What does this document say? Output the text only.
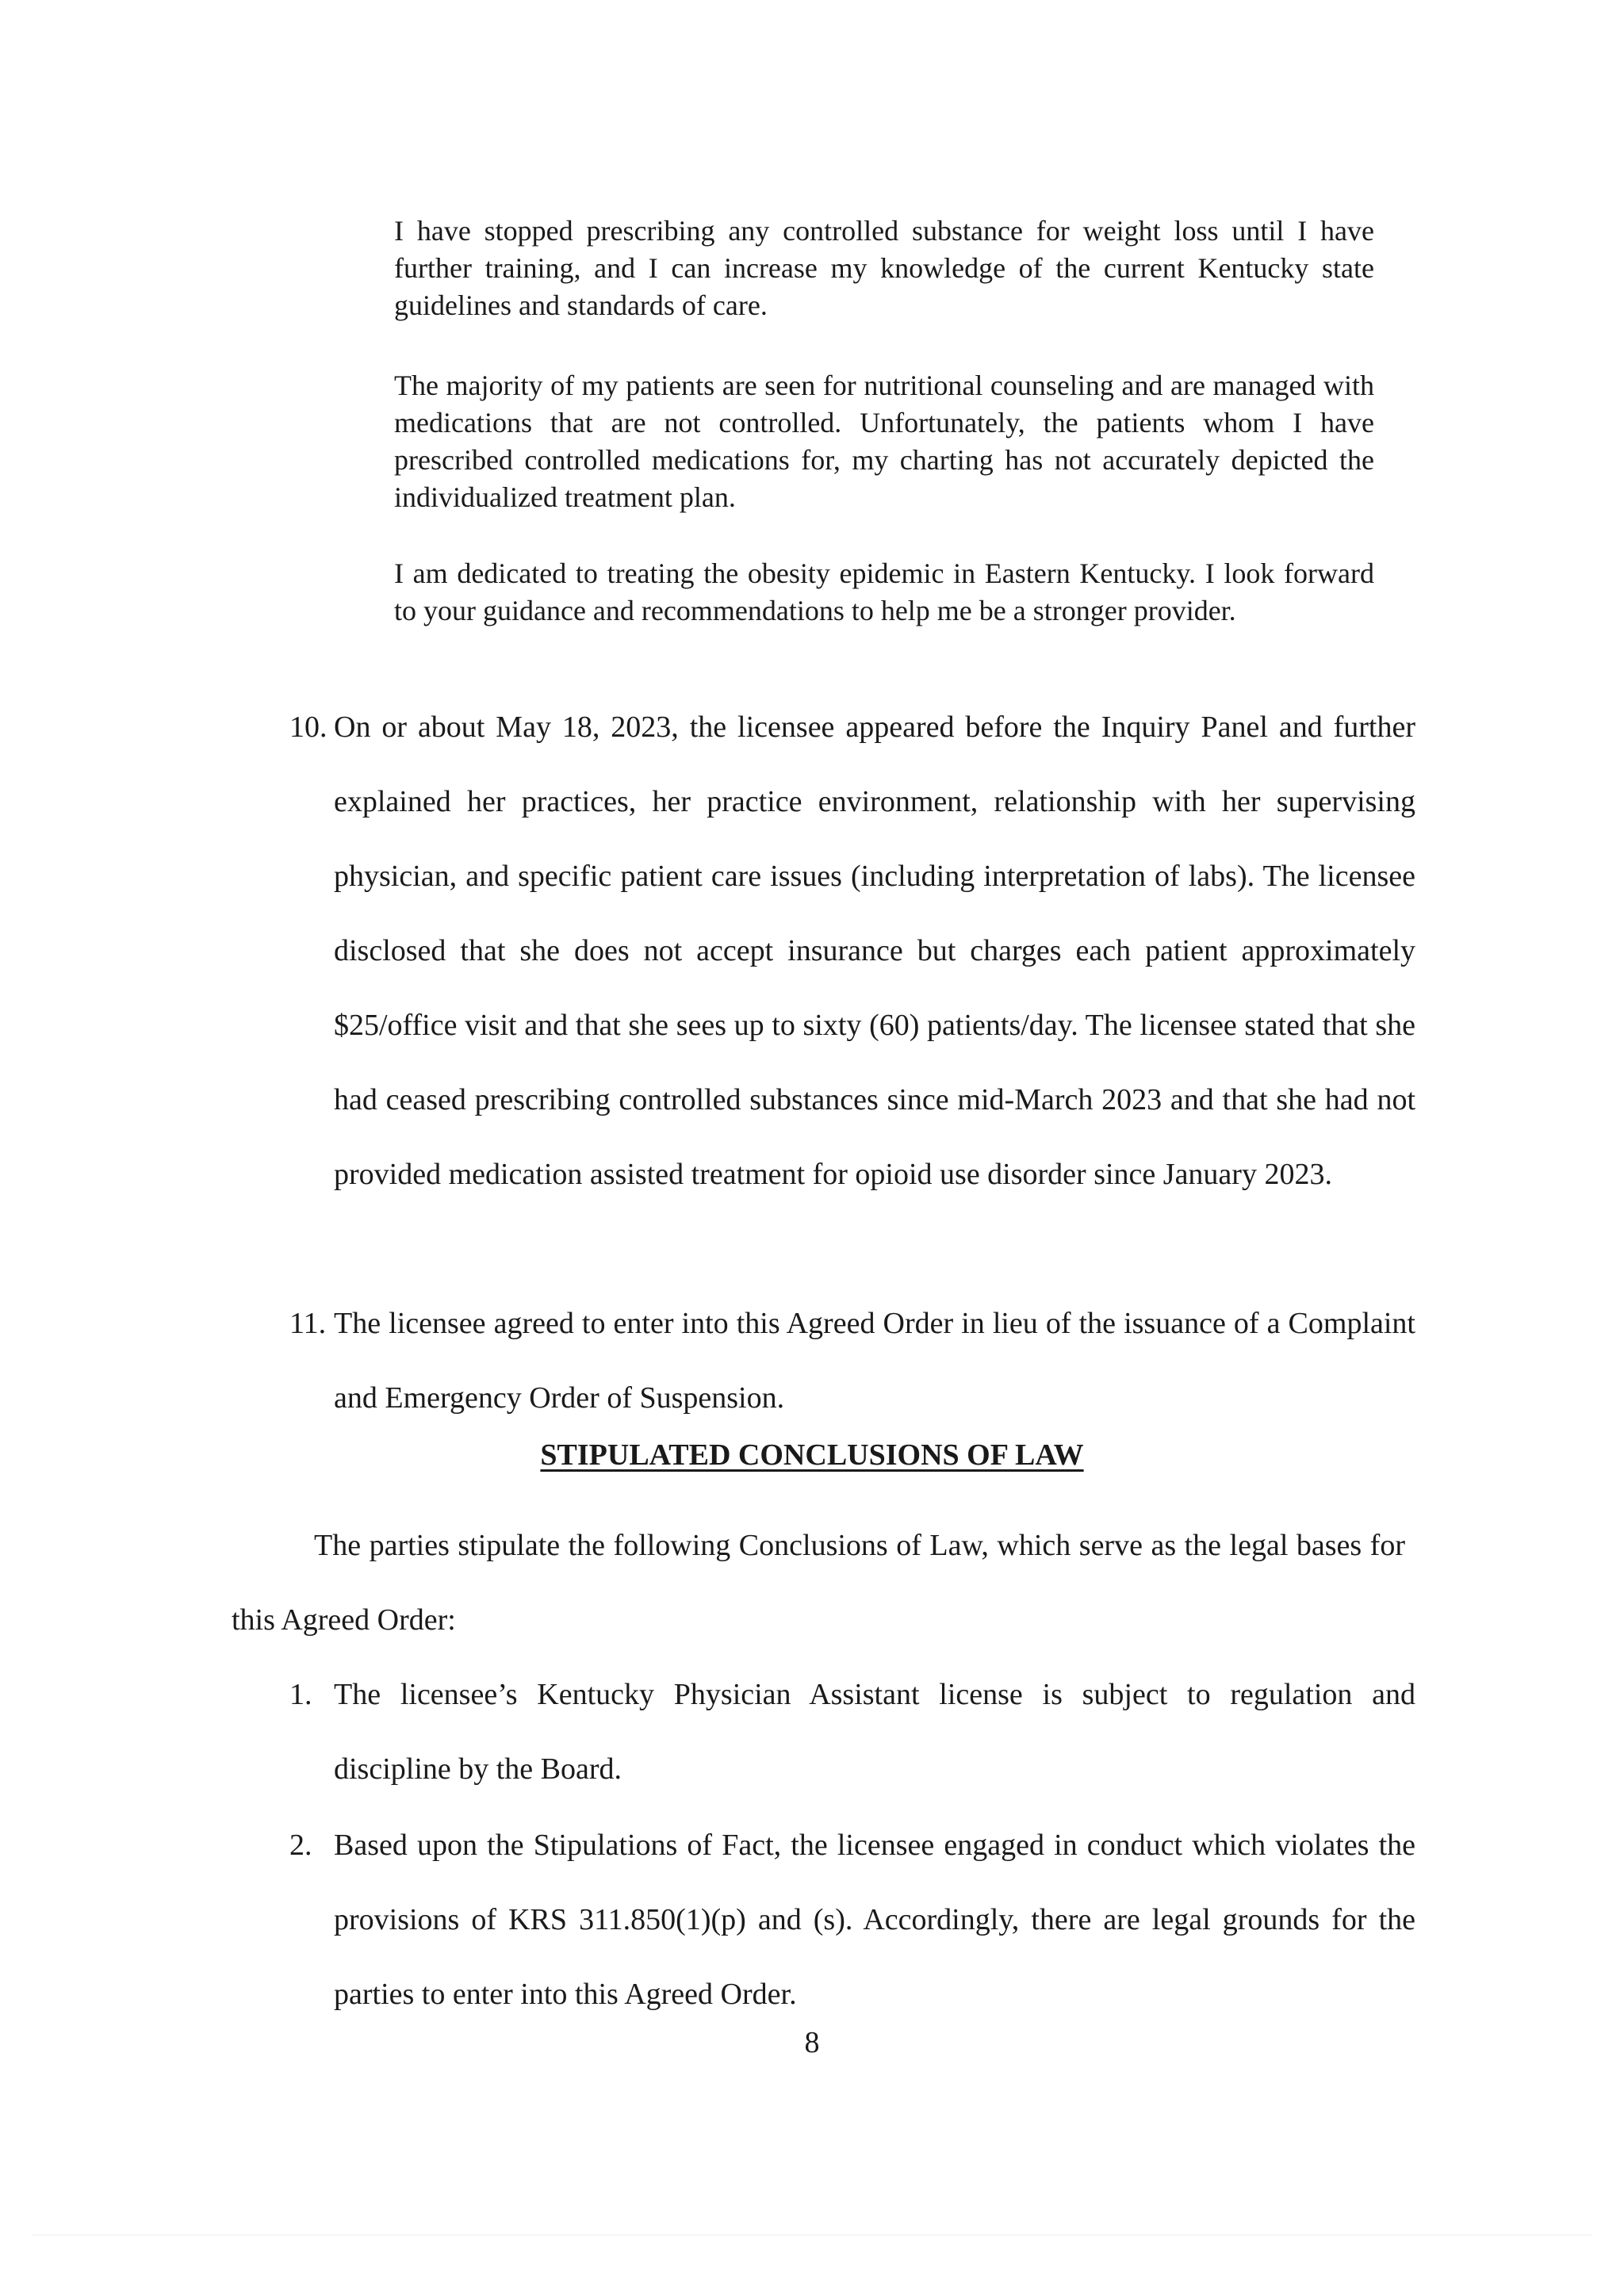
I have stopped prescribing any controlled substance for weight loss until I have further training, and I can increase my knowledge of the current Kentucky state guidelines and standards of care.

The majority of my patients are seen for nutritional counseling and are managed with medications that are not controlled. Unfortunately, the patients whom I have prescribed controlled medications for, my charting has not accurately depicted the individualized treatment plan.

I am dedicated to treating the obesity epidemic in Eastern Kentucky. I look forward to your guidance and recommendations to help me be a stronger provider.

10. On or about May 18, 2023, the licensee appeared before the Inquiry Panel and further explained her practices, her practice environment, relationship with her supervising physician, and specific patient care issues (including interpretation of labs). The licensee disclosed that she does not accept insurance but charges each patient approximately $25/office visit and that she sees up to sixty (60) patients/day. The licensee stated that she had ceased prescribing controlled substances since mid-March 2023 and that she had not provided medication assisted treatment for opioid use disorder since January 2023.
11. The licensee agreed to enter into this Agreed Order in lieu of the issuance of a Complaint and Emergency Order of Suspension.
STIPULATED CONCLUSIONS OF LAW

The parties stipulate the following Conclusions of Law, which serve as the legal bases for this Agreed Order:

1. The licensee’s Kentucky Physician Assistant license is subject to regulation and discipline by the Board.
2. Based upon the Stipulations of Fact, the licensee engaged in conduct which violates the provisions of KRS 311.850(1)(p) and (s). Accordingly, there are legal grounds for the parties to enter into this Agreed Order.

8
